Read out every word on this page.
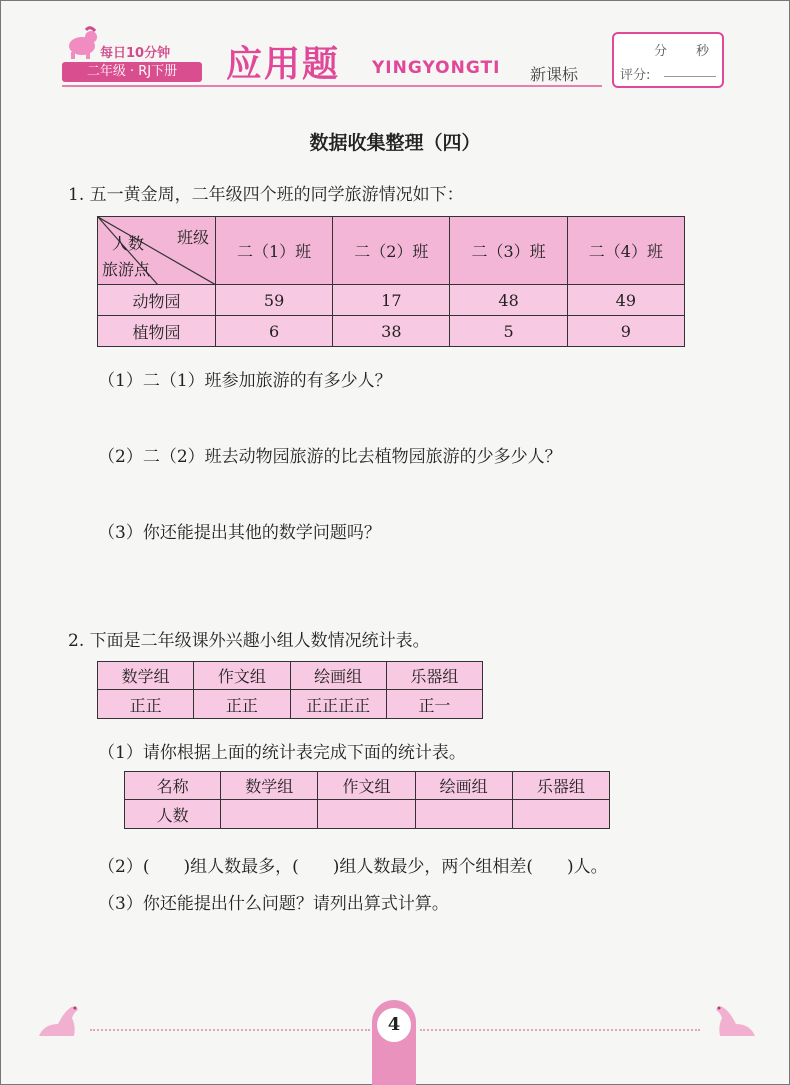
每日10分钟
二年级 · RJ下册	应用题 YINGYONGTI 新课标
分 秒
评分:
数据收集整理（四）
1. 五一黄金周，二年级四个班的同学旅游情况如下：
班级
人数
旅游点	二（1）班	二（2）班	二（3）班	二（4）班
动物园	59	17	48	49
植物园	6	38	5	9
（1）二（1）班参加旅游的有多少人？
（2）二（2）班去动物园旅游的比去植物园旅游的少多少人？
（3）你还能提出其他的数学问题吗？
2. 下面是二年级课外兴趣小组人数情况统计表。
数学组	作文组	绘画组	乐器组
正正	正正	正正正正	正一
（1）请你根据上面的统计表完成下面的统计表。
名称	数学组	作文组	绘画组	乐器组
人数				
（2）(　　)组人数最多，(　　)组人数最少，两个组相差(　　)人。
（3）你还能提出什么问题？请列出算式计算。
4
